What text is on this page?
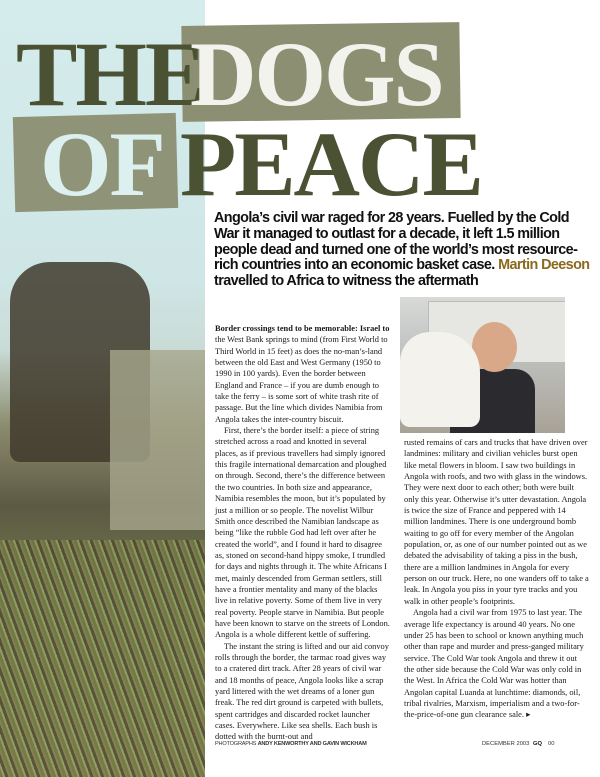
THE
DOGS
OF PEACE
Angola’s civil war raged for 28 years. Fuelled by the Cold War it managed to outlast for a decade, it left 1.5 million people dead and turned one of the world’s most resource-rich countries into an economic basket case. Martin Deeson travelled to Africa to witness the aftermath

Border crossings tend to be memorable: Israel to the West Bank springs to mind (from First World to Third World in 15 feet) as does the no-man’s-land between the old East and West Germany (1950 to 1990 in 100 yards). Even the border between England and France – if you are dumb enough to take the ferry – is some sort of white trash rite of passage. But the line which divides Namibia from Angola takes the inter-country biscuit.

First, there’s the border itself: a piece of string stretched across a road and knotted in several places, as if previous travellers had simply ignored this fragile international demarcation and ploughed on through. Second, there’s the difference between the two countries. In both size and appearance, Namibia resembles the moon, but it’s populated by just a million or so people. The novelist Wilbur Smith once described the Namibian landscape as being “like the rubble God had left over after he created the world”, and I found it hard to disagree as, stoned on second-hand hippy smoke, I trundled for days and nights through it. The white Africans I met, mainly descended from German settlers, still have a frontier mentality and many of the blacks live in relative poverty. Some of them live in very real poverty. People starve in Namibia. But people have been known to starve on the streets of London. Angola is a whole different kettle of suffering.

The instant the string is lifted and our aid convoy rolls through the border, the tarmac road gives way to a cratered dirt track. After 28 years of civil war and 18 months of peace, Angola looks like a scrap yard littered with the wet dreams of a loner gun freak. The red dirt ground is carpeted with bullets, spent cartridges and discarded rocket launcher cases. Everywhere. Like sea shells. Each bush is dotted with the burnt-out and

rusted remains of cars and trucks that have driven over landmines: military and civilian vehicles burst open like metal flowers in bloom. I saw two buildings in Angola with roofs, and two with glass in the windows. They were next door to each other; both were built only this year. Otherwise it’s utter devastation. Angola is twice the size of France and peppered with 14 million landmines. There is one underground bomb waiting to go off for every member of the Angolan population, or, as one of our number pointed out as we debated the advisability of taking a piss in the bush, there are a million landmines in Angola for every person on our truck. Here, no one wanders off to take a leak. In Angola you piss in your tyre tracks and you walk in other people’s footprints.

Angola had a civil war from 1975 to last year. The average life expectancy is around 40 years. No one under 25 has been to school or known anything much other than rape and murder and press-ganged military service. The Cold War took Angola and threw it out the other side because the Cold War was only cold in the West. In Africa the Cold War was hotter than Angolan capital Luanda at lunchtime: diamonds, oil, tribal rivalries, Marxism, imperialism and a two-for-the-price-of-one gun clearance sale. ▸

PHOTOGRAPHS ANDY KENWORTHY AND GAVIN WICKHAM	DECEMBER 2003 GQ 00
